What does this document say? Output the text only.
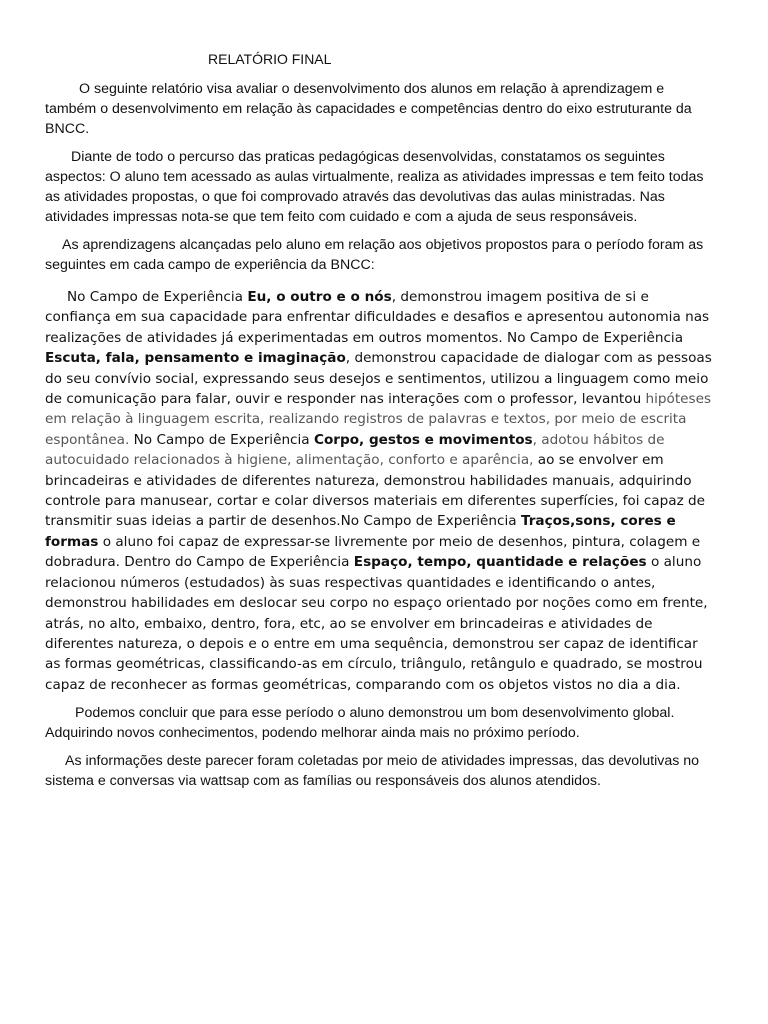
RELATÓRIO FINAL

O seguinte relatório visa avaliar o desenvolvimento dos alunos em relação à aprendizagem e também o desenvolvimento em relação às capacidades e competências dentro do eixo estruturante da BNCC.

Diante de todo o percurso das praticas pedagógicas desenvolvidas, constatamos os seguintes aspectos: O aluno tem acessado as aulas virtualmente, realiza as atividades impressas e tem feito todas as atividades propostas, o que foi comprovado através das devolutivas das aulas ministradas. Nas atividades impressas nota-se que tem feito com cuidado e com a ajuda de seus responsáveis.

As aprendizagens alcançadas pelo aluno em relação aos objetivos propostos para o período foram as seguintes em cada campo de experiência da BNCC:

No Campo de Experiência Eu, o outro e o nós, demonstrou imagem positiva de si e confiança em sua capacidade para enfrentar dificuldades e desafios e apresentou autonomia nas realizações de atividades já experimentadas em outros momentos. No Campo de Experiência Escuta, fala, pensamento e imaginação, demonstrou capacidade de dialogar com as pessoas do seu convívio social, expressando seus desejos e sentimentos, utilizou a linguagem como meio de comunicação para falar, ouvir e responder nas interações com o professor, levantou hipóteses em relação à linguagem escrita, realizando registros de palavras e textos, por meio de escrita espontânea. No Campo de Experiência Corpo, gestos e movimentos, adotou hábitos de autocuidado relacionados à higiene, alimentação, conforto e aparência, ao se envolver em brincadeiras e atividades de diferentes natureza, demonstrou habilidades manuais, adquirindo controle para manusear, cortar e colar diversos materiais em diferentes superfícies, foi capaz de transmitir suas ideias a partir de desenhos.No Campo de Experiência Traços,sons, cores e formas o aluno foi capaz de expressar-se livremente por meio de desenhos, pintura, colagem e dobradura. Dentro do Campo de Experiência Espaço, tempo, quantidade e relações o aluno relacionou números (estudados) às suas respectivas quantidades e identificando o antes, demonstrou habilidades em deslocar seu corpo no espaço orientado por noções como em frente, atrás, no alto, embaixo, dentro, fora, etc, ao se envolver em brincadeiras e atividades de diferentes natureza, o depois e o entre em uma sequência, demonstrou ser capaz de identificar as formas geométricas, classificando-as em círculo, triângulo, retângulo e quadrado, se mostrou capaz de reconhecer as formas geométricas, comparando com os objetos vistos no dia a dia.

Podemos concluir que para esse período o aluno demonstrou um bom desenvolvimento global. Adquirindo novos conhecimentos, podendo melhorar ainda mais no próximo período.

As informações deste parecer foram coletadas por meio de atividades impressas, das devolutivas no sistema e conversas via wattsap com as famílias ou responsáveis dos alunos atendidos.
